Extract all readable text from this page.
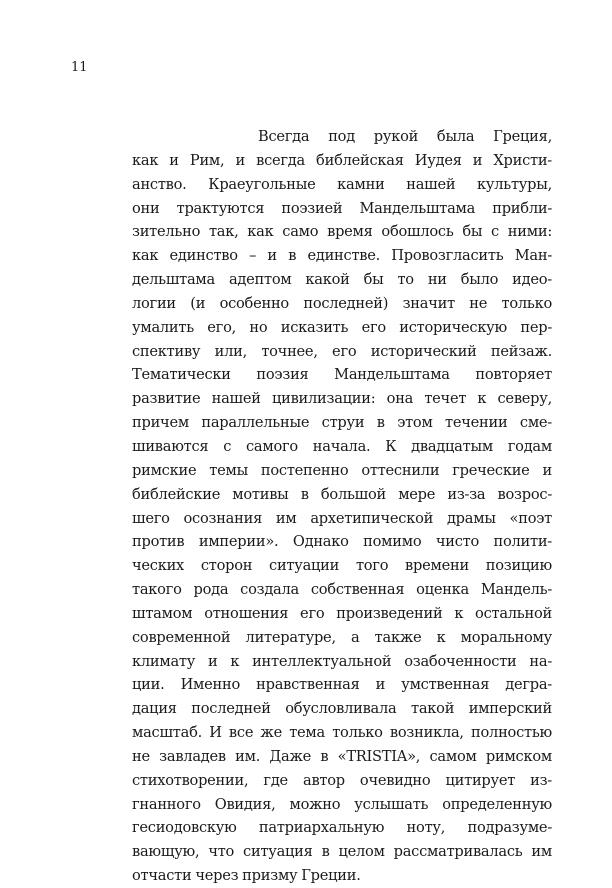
11
Всегда под рукой была Греция,
как и Рим, и всегда библейская Иудея и Христи-
анство. Краеугольные камни нашей культуры,
они трактуются поэзией Мандельштама прибли-
зительно так, как само время обошлось бы с ними:
как единство – и в единстве. Провозгласить Ман-
дельштама адептом какой бы то ни было идео-
логии (и особенно последней) значит не только
умалить его, но исказить его историческую пер-
спективу или, точнее, его исторический пейзаж.
Тематически поэзия Мандельштама повторяет
развитие нашей цивилизации: она течет к северу,
причем параллельные струи в этом течении сме-
шиваются с самого начала. К двадцатым годам
римские темы постепенно оттеснили греческие и
библейские мотивы в большой мере из-за возрос-
шего осознания им архетипической драмы «поэт
против империи». Однако помимо чисто полити-
ческих сторон ситуации того времени позицию
такого рода создала собственная оценка Мандель-
штамом отношения его произведений к остальной
современной литературе, а также к моральному
климату и к интеллектуальной озабоченности на-
ции. Именно нравственная и умственная дегра-
дация последней обусловливала такой имперский
масштаб. И все же тема только возникла, полностью
не завладев им. Даже в «TRISTIA», самом римском
стихотворении, где автор очевидно цитирует из-
гнанного Овидия, можно услышать определенную
гесиодовскую патриархальную ноту, подразуме-
вающую, что ситуация в целом рассматривалась им
отчасти через призму Греции.
